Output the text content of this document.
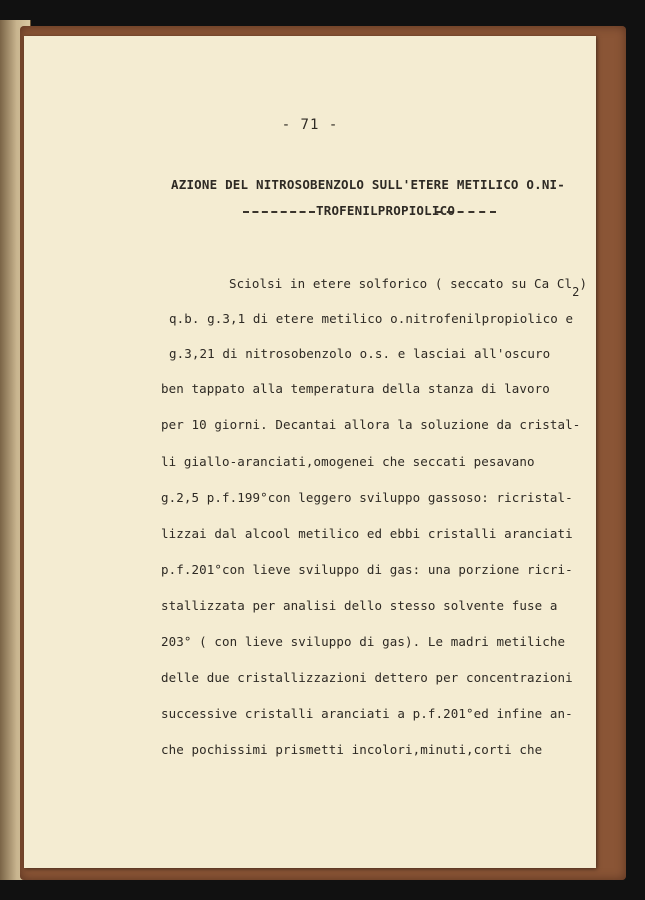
- 71 -
AZIONE DEL NITROSOBENZOLO SULL'ETERE METILICO O.NI-
TROFENILPROPIOLICO
Sciolsi in etere solforico ( seccato su Ca Cl2)
q.b. g.3,1 di etere metilico o.nitrofenilpropiolico e
g.3,21 di nitrosobenzolo o.s. e lasciai all'oscuro
ben tappato alla temperatura della stanza di lavoro
per 10 giorni. Decantai allora la soluzione da cristal-
li giallo-aranciati,omogenei che seccati pesavano
g.2,5 p.f.199°con leggero sviluppo gassoso: ricristal-
lizzai dal alcool metilico ed ebbi cristalli aranciati
p.f.201°con lieve sviluppo di gas: una porzione ricri-
stallizzata per analisi dello stesso solvente fuse a
203° ( con lieve sviluppo di gas). Le madri metiliche
delle due cristallizzazioni dettero per concentrazioni
successive cristalli aranciati a p.f.201°ed infine an-
che pochissimi prismetti incolori,minuti,corti che
